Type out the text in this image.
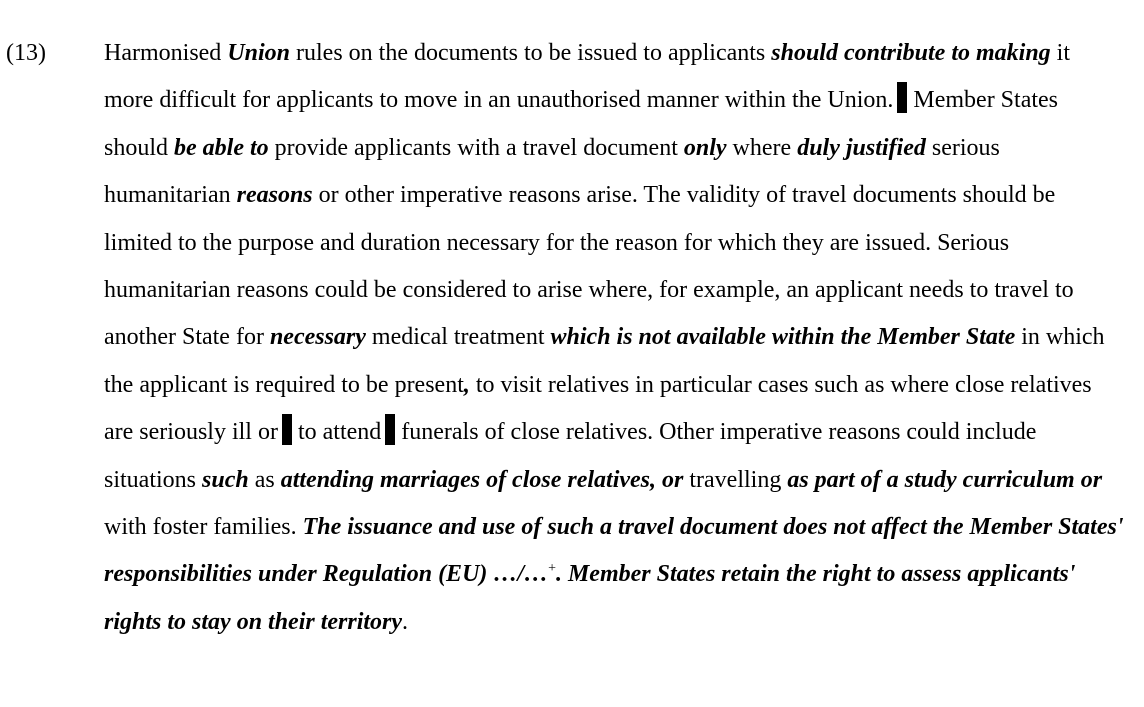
(13) Harmonised Union rules on the documents to be issued to applicants should contribute to making it more difficult for applicants to move in an unauthorised manner within the Union. Member States should be able to provide applicants with a travel document only where duly justified serious humanitarian reasons or other imperative reasons arise. The validity of travel documents should be limited to the purpose and duration necessary for the reason for which they are issued. Serious humanitarian reasons could be considered to arise where, for example, an applicant needs to travel to another State for necessary medical treatment which is not available within the Member State in which the applicant is required to be present, to visit relatives in particular cases such as where close relatives are seriously ill or to attend funerals of close relatives. Other imperative reasons could include situations such as attending marriages of close relatives, or travelling as part of a study curriculum or with foster families. The issuance and use of such a travel document does not affect the Member States' responsibilities under Regulation (EU) …/…+. Member States retain the right to assess applicants' rights to stay on their territory.
